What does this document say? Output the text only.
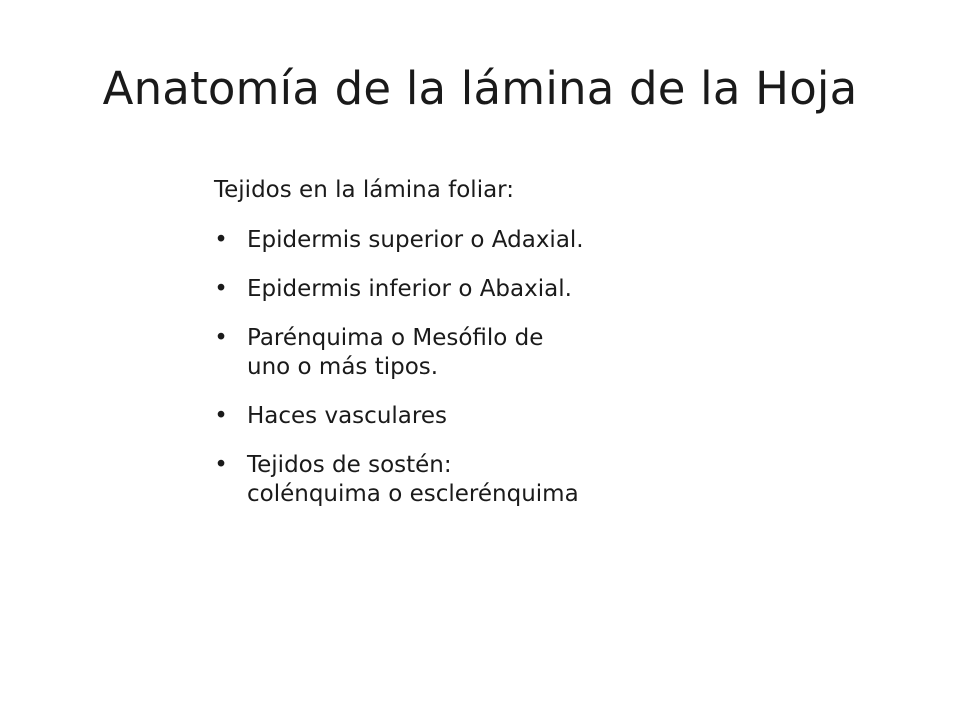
Anatomía de la lámina de la Hoja

Tejidos en la lámina foliar:

• Epidermis superior o Adaxial.
• Epidermis inferior o Abaxial.
• Parénquima o Mesófilo de
uno o más tipos.
• Haces vasculares
• Tejidos de sostén:
colénquima o esclerénquima
